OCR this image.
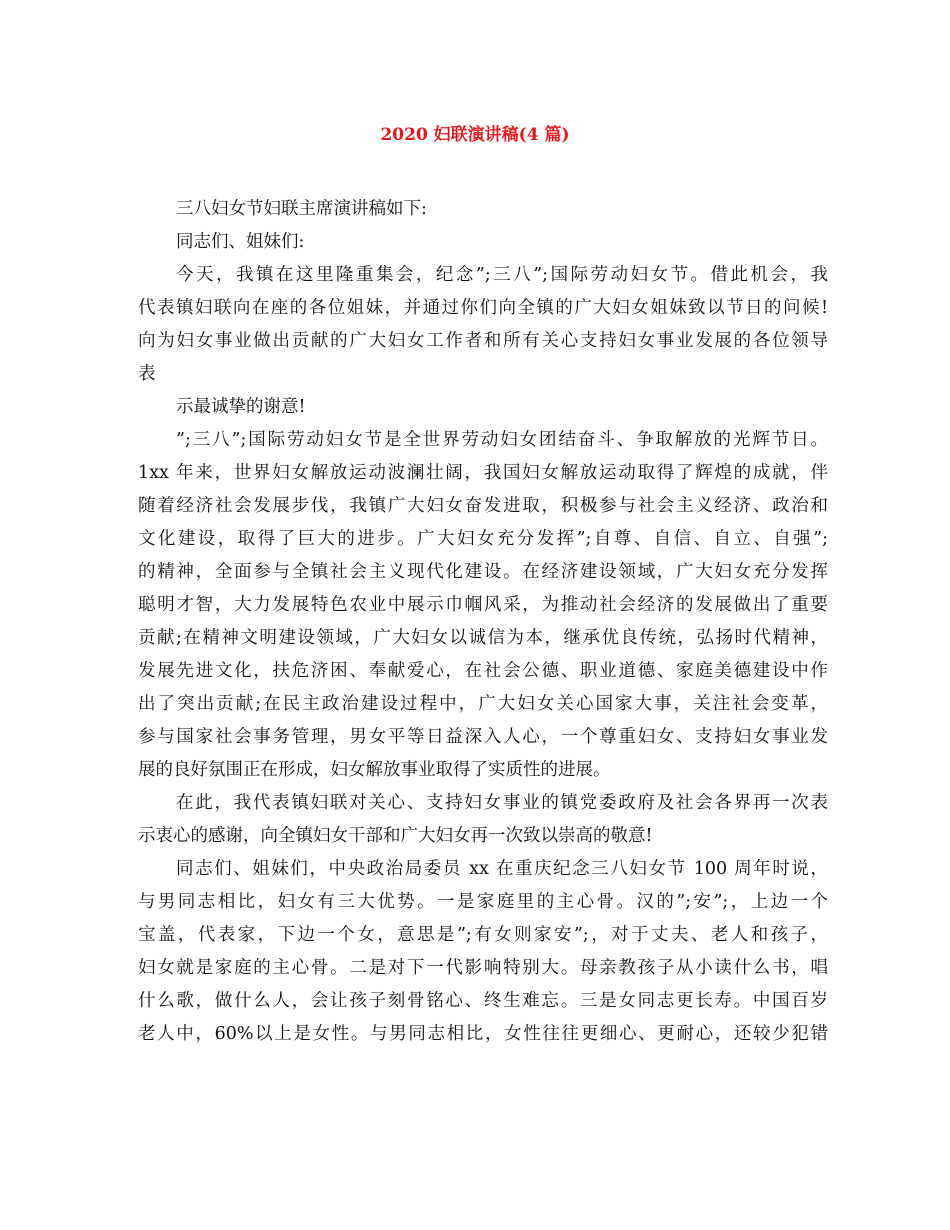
2020 妇联演讲稿(4 篇)
三八妇女节妇联主席演讲稿如下:
同志们、姐妹们:
今天，我镇在这里隆重集会，纪念”;三八”;国际劳动妇女节。借此机会，我
代表镇妇联向在座的各位姐妹，并通过你们向全镇的广大妇女姐妹致以节日的问候!
向为妇女事业做出贡献的广大妇女工作者和所有关心支持妇女事业发展的各位领导
表
示最诚挚的谢意!
”;三八”;国际劳动妇女节是全世界劳动妇女团结奋斗、争取解放的光辉节日。
1xx 年来，世界妇女解放运动波澜壮阔，我国妇女解放运动取得了辉煌的成就，伴
随着经济社会发展步伐，我镇广大妇女奋发进取，积极参与社会主义经济、政治和
文化建设，取得了巨大的进步。广大妇女充分发挥”;自尊、自信、自立、自强”;
的精神，全面参与全镇社会主义现代化建设。在经济建设领域，广大妇女充分发挥
聪明才智，大力发展特色农业中展示巾帼风采，为推动社会经济的发展做出了重要
贡献;在精神文明建设领域，广大妇女以诚信为本，继承优良传统，弘扬时代精神，
发展先进文化，扶危济困、奉献爱心，在社会公德、职业道德、家庭美德建设中作
出了突出贡献;在民主政治建设过程中，广大妇女关心国家大事，关注社会变革，
参与国家社会事务管理，男女平等日益深入人心，一个尊重妇女、支持妇女事业发
展的良好氛围正在形成，妇女解放事业取得了实质性的进展。
在此，我代表镇妇联对关心、支持妇女事业的镇党委政府及社会各界再一次表
示衷心的感谢，向全镇妇女干部和广大妇女再一次致以崇高的敬意!
同志们、姐妹们，中央政治局委员 xx 在重庆纪念三八妇女节 100 周年时说，
与男同志相比，妇女有三大优势。一是家庭里的主心骨。汉的”;安”;，上边一个
宝盖，代表家，下边一个女，意思是”;有女则家安”;，对于丈夫、老人和孩子，
妇女就是家庭的主心骨。二是对下一代影响特别大。母亲教孩子从小读什么书，唱
什么歌，做什么人，会让孩子刻骨铭心、终生难忘。三是女同志更长寿。中国百岁
老人中，60%以上是女性。与男同志相比，女性往往更细心、更耐心，还较少犯错
